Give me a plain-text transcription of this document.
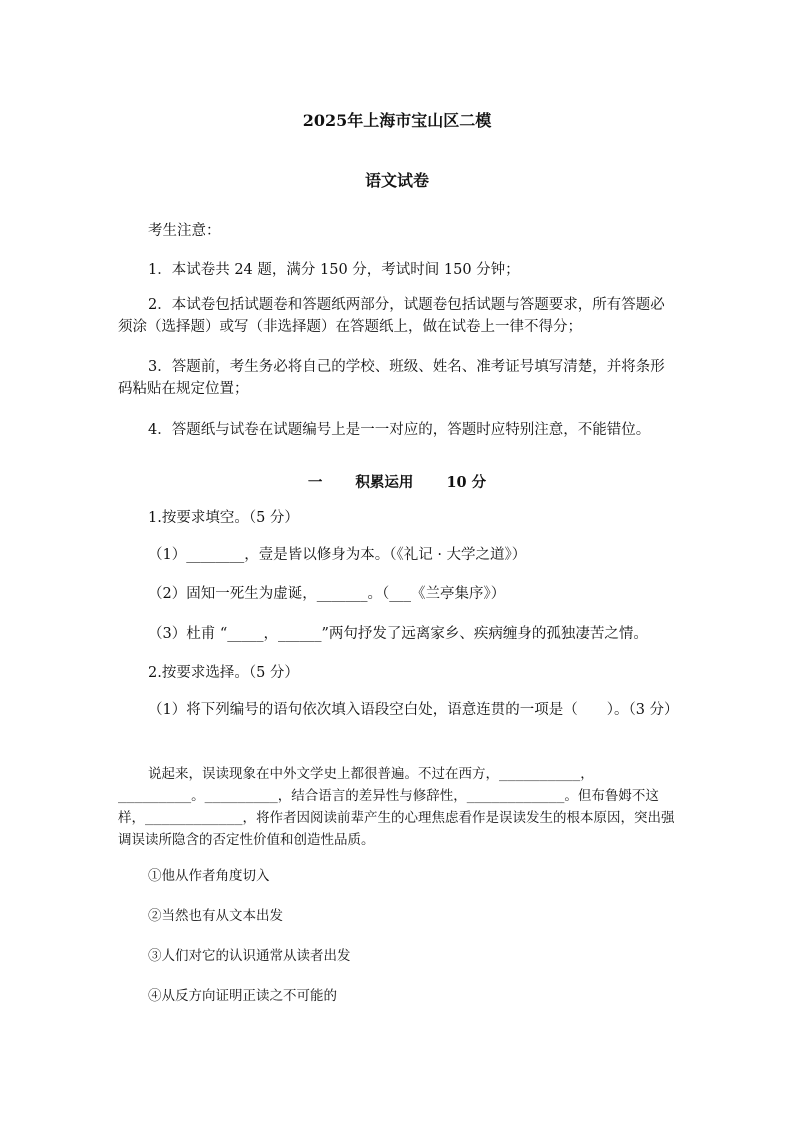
2025年上海市宝山区二模
语文试卷
考生注意：
1．本试卷共 24 题，满分 150 分，考试时间 150 分钟；
2．本试卷包括试题卷和答题纸两部分，试题卷包括试题与答题要求，所有答题必须涂（选择题）或写（非选择题）在答题纸上，做在试卷上一律不得分；
3．答题前，考生务必将自己的学校、班级、姓名、准考证号填写清楚，并将条形码粘贴在规定位置；
4．答题纸与试卷在试题编号上是一一对应的，答题时应特别注意，不能错位。
一 积累运用 10 分
1.按要求填空。（5 分）
（1）________，壹是皆以修身为本。（《礼记 · 大学之道》）
（2）固知一死生为虚诞，_______。（___《兰亭集序》）
（3）杜甫 “_____，______”两句抒发了远离家乡、疾病缠身的孤独凄苦之情。
2.按要求选择。（5 分）
（1）将下列编号的语句依次填入语段空白处，语意连贯的一项是（　　）。（3 分）
说起来，误读现象在中外文学史上都很普遍。不过在西方，__________，_________。_________，结合语言的差异性与修辞性，____________。但布鲁姆不这样，____________，将作者因阅读前辈产生的心理焦虑看作是误读发生的根本原因，突出强调误读所隐含的否定性价值和创造性品质。
①他从作者角度切入
②当然也有从文本出发
③人们对它的认识通常从读者出发
④从反方向证明正读之不可能的
